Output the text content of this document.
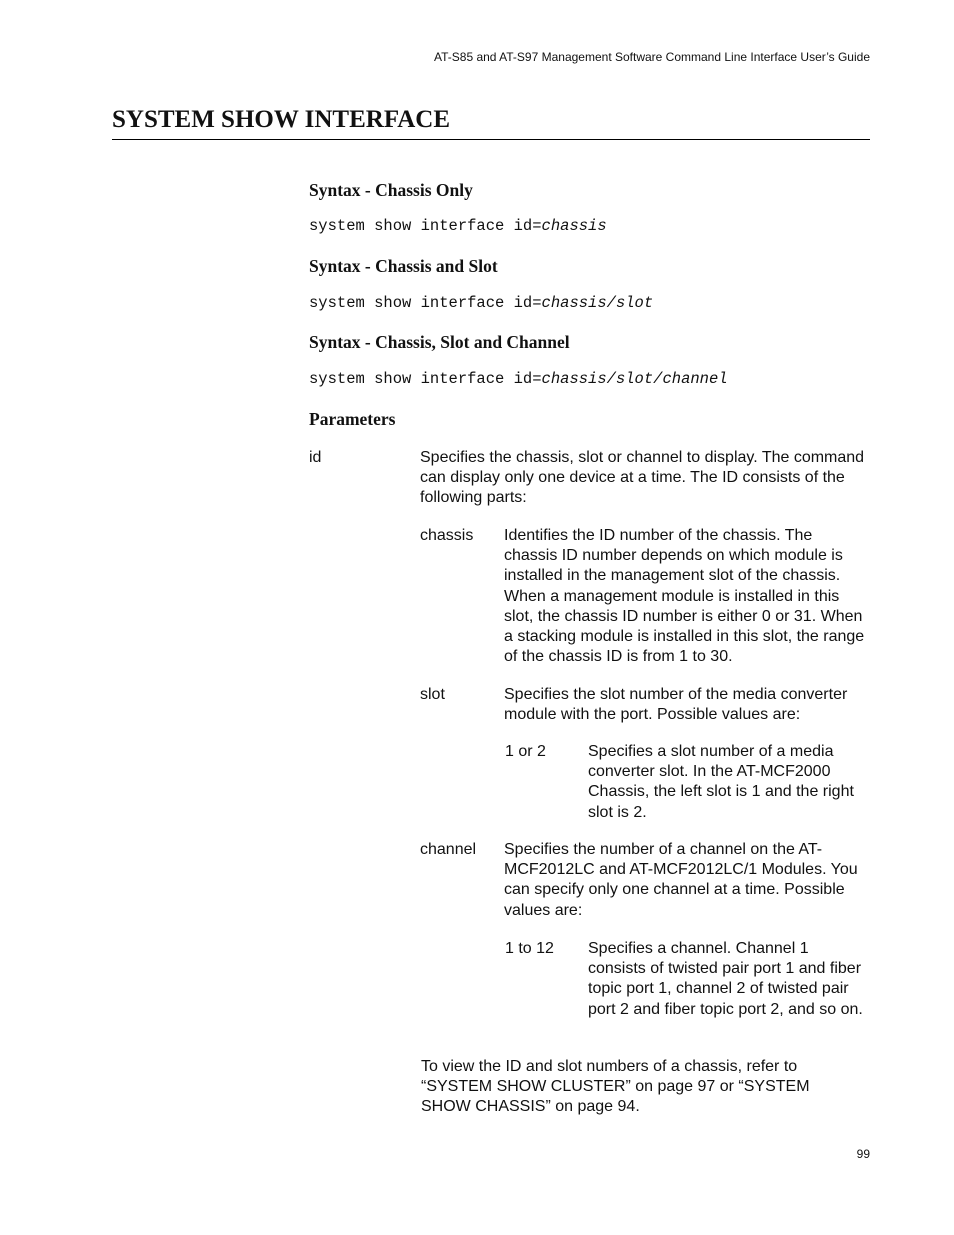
AT-S85 and AT-S97 Management Software Command Line Interface User’s Guide
SYSTEM SHOW INTERFACE
Syntax - Chassis Only
system show interface id=chassis
Syntax - Chassis and Slot
system show interface id=chassis/slot
Syntax - Chassis, Slot and Channel
system show interface id=chassis/slot/channel
Parameters
id	Specifies the chassis, slot or channel to display. The command can display only one device at a time. The ID consists of the following parts:
chassis Identifies the ID number of the chassis. The chassis ID number depends on which module is installed in the management slot of the chassis. When a management module is installed in this slot, the chassis ID number is either 0 or 31. When a stacking module is installed in this slot, the range of the chassis ID is from 1 to 30.
slot	Specifies the slot number of the media converter module with the port. Possible values are:
1 or 2	Specifies a slot number of a media converter slot. In the AT-MCF2000 Chassis, the left slot is 1 and the right slot is 2.
channel Specifies the number of a channel on the AT-MCF2012LC and AT-MCF2012LC/1 Modules. You can specify only one channel at a time. Possible values are:
1 to 12 Specifies a channel. Channel 1 consists of twisted pair port 1 and fiber topic port 1, channel 2 of twisted pair port 2 and fiber topic port 2, and so on.
To view the ID and slot numbers of a chassis, refer to “SYSTEM SHOW CLUSTER” on page 97 or “SYSTEM SHOW CHASSIS” on page 94.
99
